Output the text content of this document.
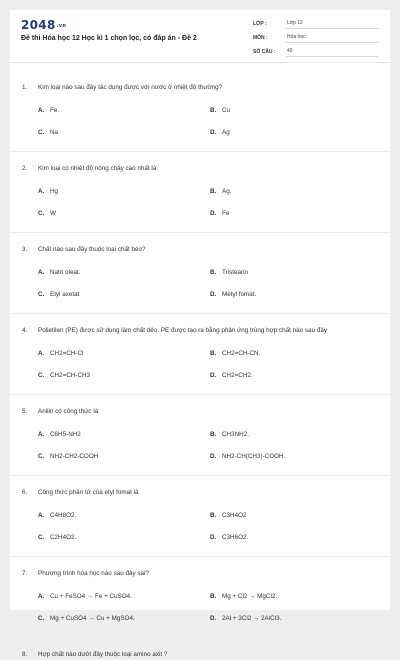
2048.vn
Đề thi Hóa học 12 Học kì 1 chọn lọc, có đáp án - Đề 2
LỚP :	Lớp 12
MÔN :	Hóa học
SỐ CÂU :	40
1.	Kim loại nào sau đây tác dụng được với nước ở nhiệt độ thường?
A. Fe.	B. Cu
C. Na	D. Ag
2.	Kim loại có nhiệt độ nóng chảy cao nhất là
A. Hg	B. Ag.
C. W	D. Fe
3.	Chất nào sau đây thuộc loại chất béo?
A. Natri oleat.	B. Tristearin
C. Etyl axetat	D. Metyl fomat.
4.	Polietilen (PE) được sử dụng làm chất dẻo. PE được tạo ra bằng phản ứng trùng hợp chất nào sau đây
A. CH2=CH-Cl	B. CH2=CH-CN.
C. CH2=CH-CH3	D. CH2=CH2.
5.	Anilin có công thức là
A. C6H5-NH2	B. CH3NH2.
C. NH2-CH2-COOH	D. NH2-CH(CH3)-COOH.
6.	Công thức phân tử của etyl fomat là
A. C4H8O2.	B. C3H4O2
C. C2H4O2.	D. C3H6O2.
7.	Phương trình hóa học nào sau đây sai?
A. Cu + FeSO4 → Fe + CuSO4.	B. Mg + Cl2 → MgCl2.
C. Mg + CuSO4 → Cu + MgSO4.	D. 2Al + 3Cl2 → 2AlCl3.
8.	Hợp chất nào dưới đây thuộc loại amino axit ?
